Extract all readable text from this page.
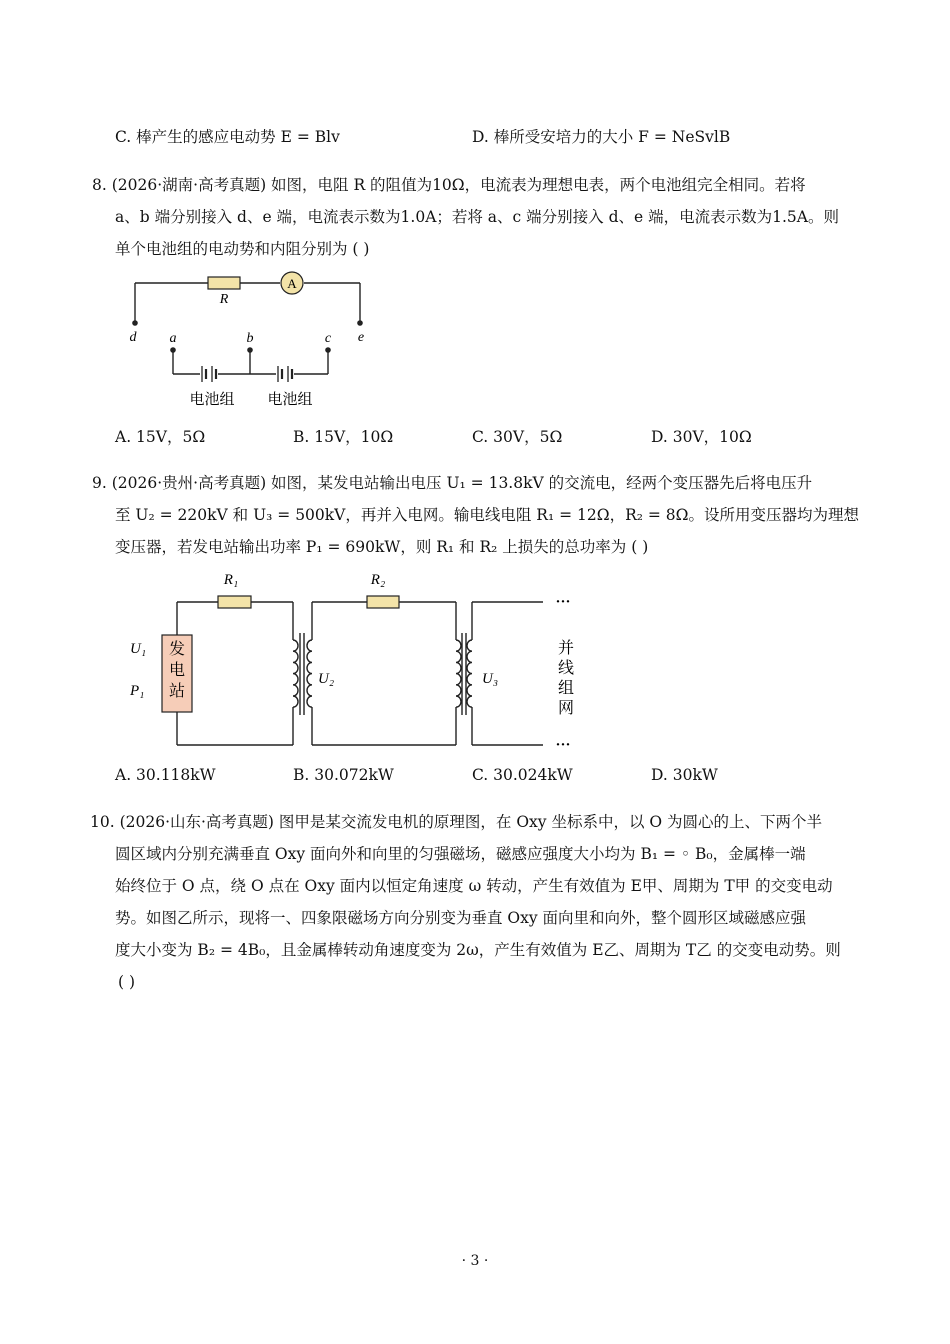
C. 棒产生的感应电动势 E = Blv	D. 棒所受安培力的大小 F = NeSvlB
8. (2026·湖南·高考真题) 如图，电阻 R 的阻值为10Ω，电流表为理想电表，两个电池组完全相同。若将
a、b 端分别接入 d、e 端，电流表示数为1.0A；若将 a、c 端分别接入 d、e 端，电流表示数为1.5A。则
单个电池组的电动势和内阻分别为 ( )
A
R
d	e
a	b	c
电池组 电池组
A. 15V，5Ω	B. 15V，10Ω	C. 30V，5Ω	D. 30V，10Ω
9. (2026·贵州·高考真题) 如图，某发电站输出电压 U₁ = 13.8kV 的交流电，经两个变压器先后将电压升
至 U₂ = 220kV 和 U₃ = 500kV，再并入电网。输电线电阻 R₁ = 12Ω，R₂ = 8Ω。设所用变压器均为理想
变压器，若发电站输出功率 P₁ = 690kW，则 R₁ 和 R₂ 上损失的总功率为 ( )
R₁	R₂
发
电
站
U₁
P₁
U₂	U₃
并
线
组
网
···
···
A. 30.118kW	B. 30.072kW	C. 30.024kW	D. 30kW
10. (2026·山东·高考真题) 图甲是某交流发电机的原理图，在 Oxy 坐标系中，以 O 为圆心的上、下两个半
圆区域内分别充满垂直 Oxy 面向外和向里的匀强磁场，磁感应强度大小均为 B₁ = ◦ B₀，金属棒一端
始终位于 O 点，绕 O 点在 Oxy 面内以恒定角速度 ω 转动，产生有效值为 E甲、周期为 T甲 的交变电动
势。如图乙所示，现将一、四象限磁场方向分别变为垂直 Oxy 面向里和向外，整个圆形区域磁感应强
度大小变为 B₂ = 4B₀，且金属棒转动角速度变为 2ω，产生有效值为 E乙、周期为 T乙 的交变电动势。则
( )
· 3 ·
